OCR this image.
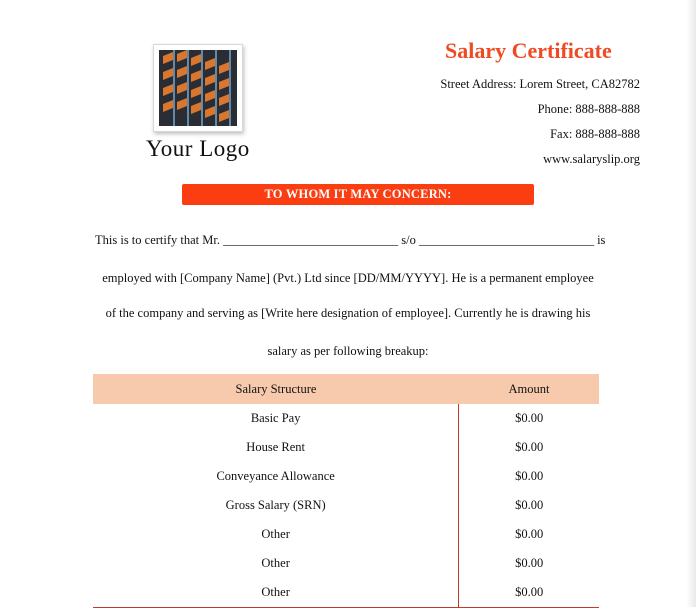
Your Logo
Salary Certificate
Street Address: Lorem Street, CA82782
Phone: 888-888-888
Fax: 888-888-888
www.salaryslip.org
TO WHOM IT MAY CONCERN:
This is to certify that Mr. ____________________________ s/o ____________________________ is
employed with [Company Name] (Pvt.) Ltd since [DD/MM/YYYY]. He is a permanent employee
of the company and serving as [Write here designation of employee]. Currently he is drawing his
salary as per following breakup:
Salary Structure	Amount
Basic Pay	$0.00
House Rent	$0.00
Conveyance Allowance	$0.00
Gross Salary (SRN)	$0.00
Other	$0.00
Other	$0.00
Other	$0.00
